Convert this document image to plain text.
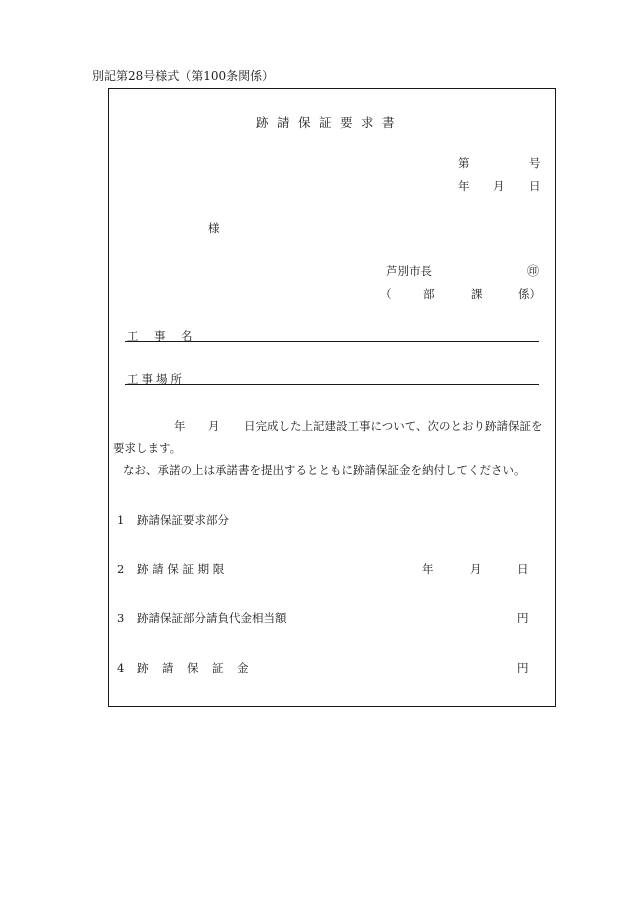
別記第28号様式（第100条関係）
跡請保証要求書
第	号
年 月 日
様
芦別市長	㊞
（	部	課	係）
工　事　名
工事場所
年 月 日完成した上記建設工事について、次のとおり跡請保証を
要求します。
なお、承諾の上は承諾書を提出するとともに跡請保証金を納付してください。
1 跡請保証要求部分
2 跡 請 保 証 期 限	年	月	日
3 跡請保証部分請負代金相当額	円
4 跡　請　保　証　金	円
